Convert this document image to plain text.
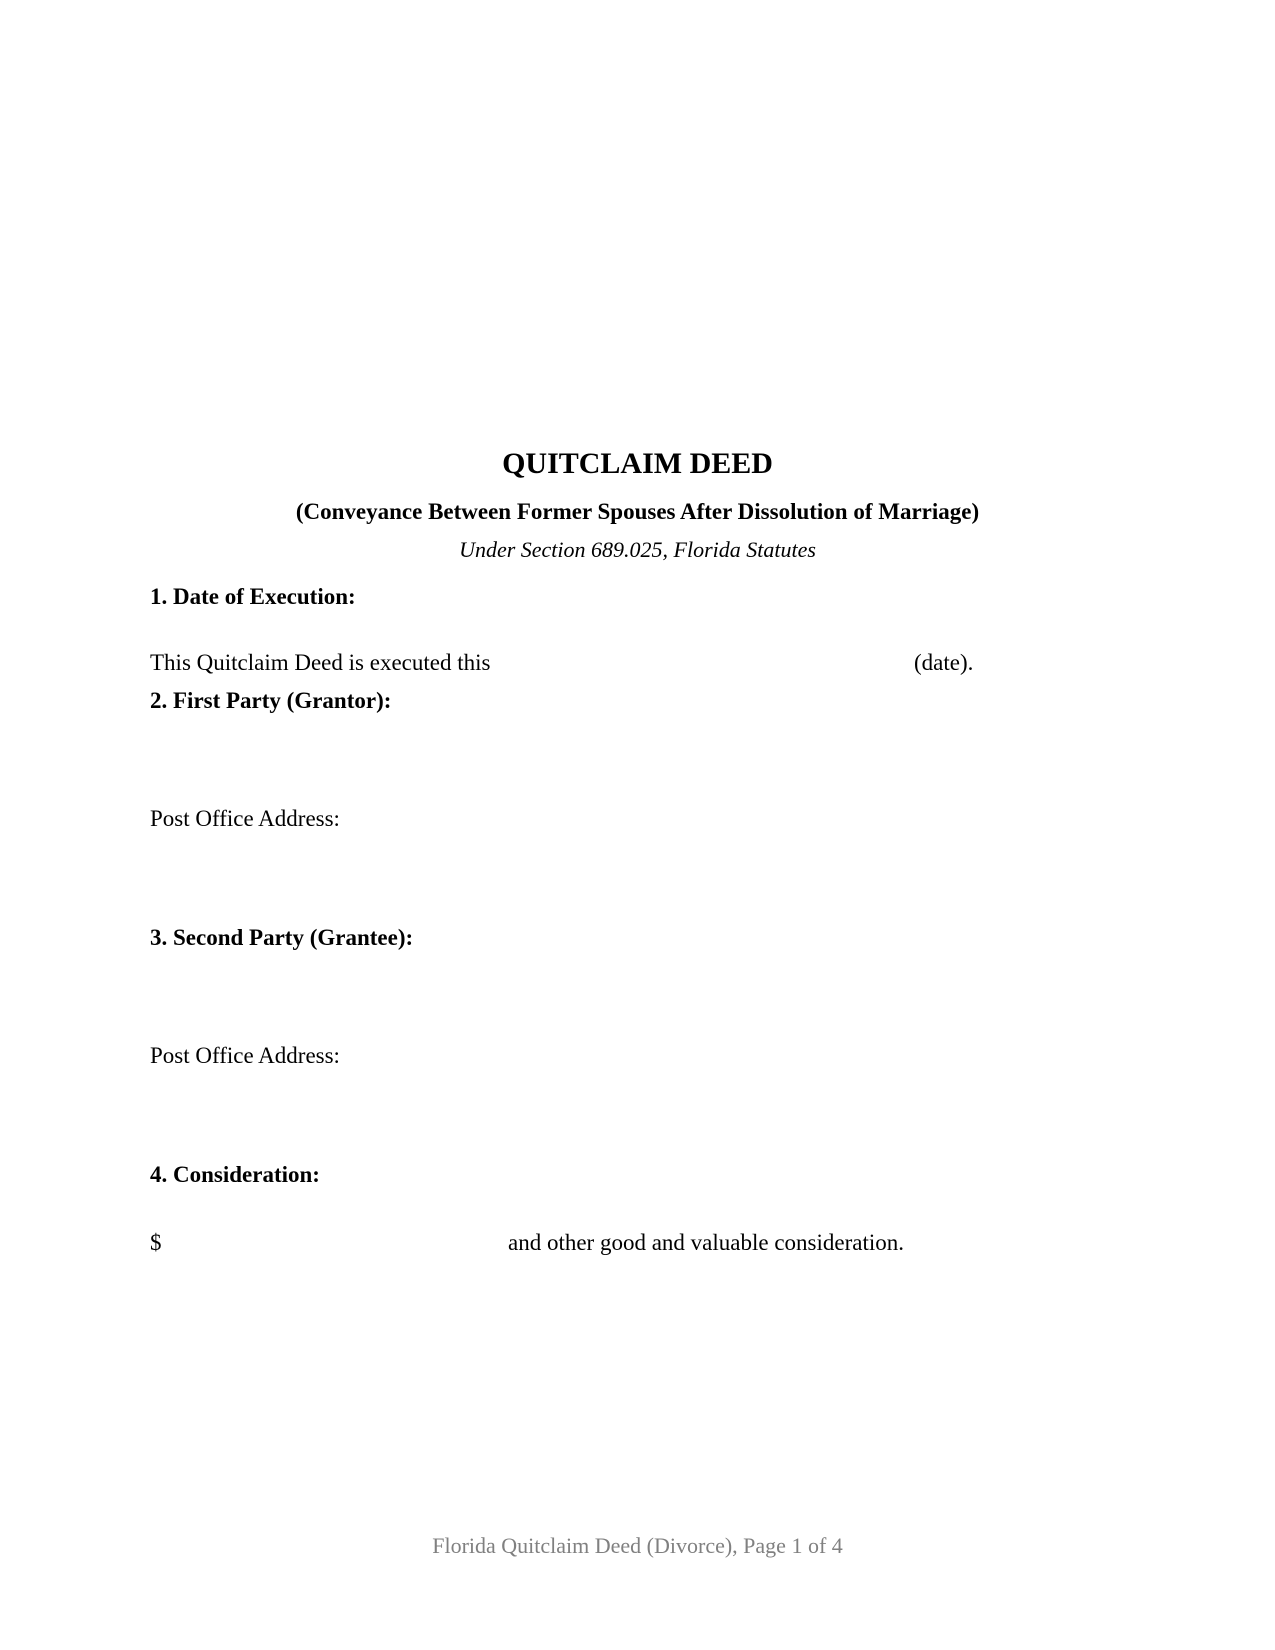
QUITCLAIM DEED
(Conveyance Between Former Spouses After Dissolution of Marriage)
Under Section 689.025, Florida Statutes
1. Date of Execution:
This Quitclaim Deed is executed this	(date).
2. First Party (Grantor):
Post Office Address:
3. Second Party (Grantee):
Post Office Address:
4. Consideration:
$	and other good and valuable consideration.
Florida Quitclaim Deed (Divorce), Page 1 of 4
